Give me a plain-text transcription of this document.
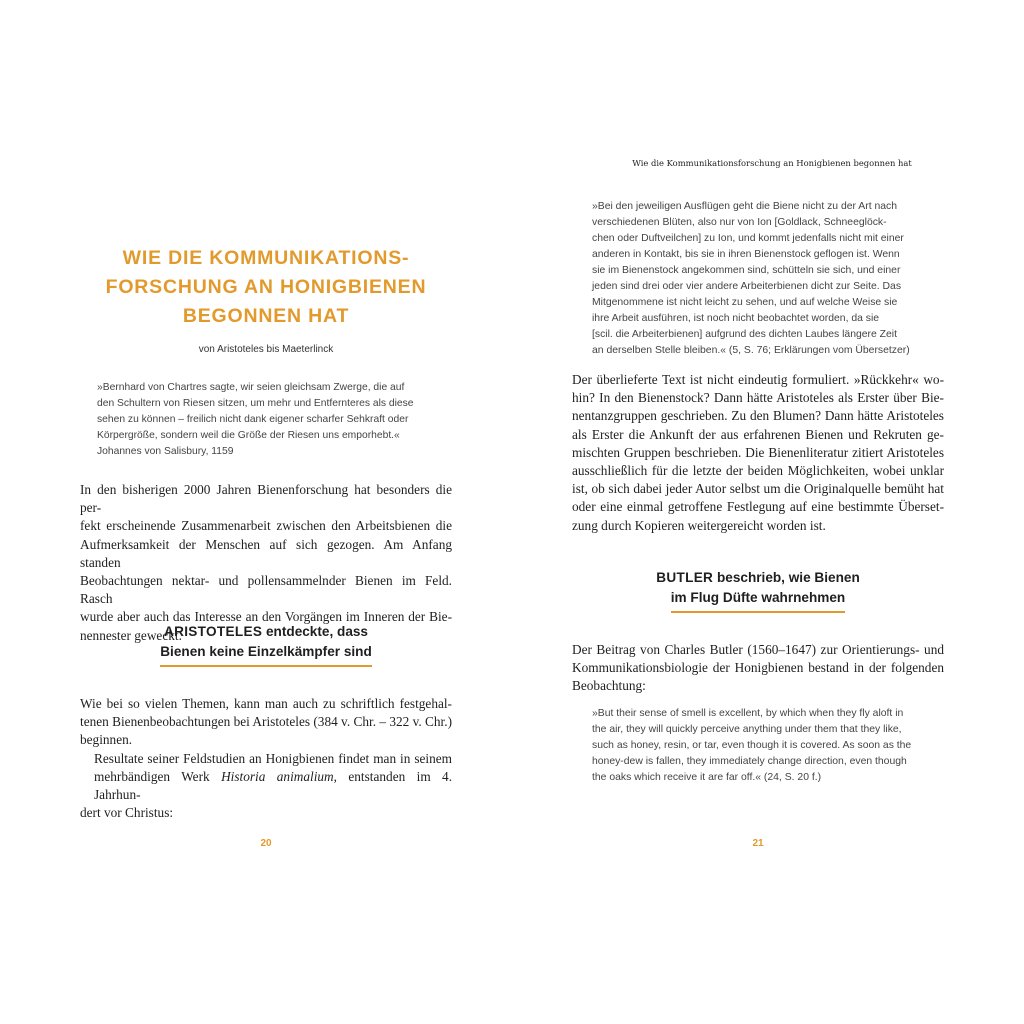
WIE DIE KOMMUNIKATIONS-
FORSCHUNG AN HONIGBIENEN
BEGONNEN HAT
von Aristoteles bis Maeterlinck
»Bernhard von Chartres sagte, wir seien gleichsam Zwerge, die auf
den Schultern von Riesen sitzen, um mehr und Entfernteres als diese
sehen zu können – freilich nicht dank eigener scharfer Sehkraft oder
Körpergröße, sondern weil die Größe der Riesen uns emporhebt.«
Johannes von Salisbury, 1159
In den bisherigen 2000 Jahren Bienenforschung hat besonders die per-
fekt erscheinende Zusammenarbeit zwischen den Arbeitsbienen die
Aufmerksamkeit der Menschen auf sich gezogen. Am Anfang standen
Beobachtungen nektar- und pollensammelnder Bienen im Feld. Rasch
wurde aber auch das Interesse an den Vorgängen im Inneren der Bie-
nennester geweckt.
ARISTOTELES entdeckte, dass
Bienen keine Einzelkämpfer sind
Wie bei so vielen Themen, kann man auch zu schriftlich festgehal-
tenen Bienenbeobachtungen bei Aristoteles (384 v. Chr. – 322 v. Chr.)
beginnen.
Resultate seiner Feldstudien an Honigbienen findet man in seinem
mehrbändigen Werk Historia animalium, entstanden im 4. Jahrhun-
dert vor Christus:
20
Wie die Kommunikationsforschung an Honigbienen begonnen hat
»Bei den jeweiligen Ausflügen geht die Biene nicht zu der Art nach
verschiedenen Blüten, also nur von Ion [Goldlack, Schneeglöck-
chen oder Duftveilchen] zu Ion, und kommt jedenfalls nicht mit einer
anderen in Kontakt, bis sie in ihren Bienenstock geflogen ist. Wenn
sie im Bienenstock angekommen sind, schütteln sie sich, und einer
jeden sind drei oder vier andere Arbeiterbienen dicht zur Seite. Das
Mitgenommene ist nicht leicht zu sehen, und auf welche Weise sie
ihre Arbeit ausführen, ist noch nicht beobachtet worden, da sie
[scil. die Arbeiterbienen] aufgrund des dichten Laubes längere Zeit
an derselben Stelle bleiben.« (5, S. 76; Erklärungen vom Übersetzer)
Der überlieferte Text ist nicht eindeutig formuliert. »Rückkehr« wo-
hin? In den Bienenstock? Dann hätte Aristoteles als Erster über Bie-
nentanzgruppen geschrieben. Zu den Blumen? Dann hätte Aristoteles
als Erster die Ankunft der aus erfahrenen Bienen und Rekruten ge-
mischten Gruppen beschrieben. Die Bienenliteratur zitiert Aristoteles
ausschließlich für die letzte der beiden Möglichkeiten, wobei unklar
ist, ob sich dabei jeder Autor selbst um die Originalquelle bemüht hat
oder eine einmal getroffene Festlegung auf eine bestimmte Überset-
zung durch Kopieren weitergereicht worden ist.
BUTLER beschrieb, wie Bienen
im Flug Düfte wahrnehmen
Der Beitrag von Charles Butler (1560–1647) zur Orientierungs- und
Kommunikationsbiologie der Honigbienen bestand in der folgenden
Beobachtung:
»But their sense of smell is excellent, by which when they fly aloft in
the air, they will quickly perceive anything under them that they like,
such as honey, resin, or tar, even though it is covered. As soon as the
honey-dew is fallen, they immediately change direction, even though
the oaks which receive it are far off.« (24, S. 20 f.)
21
